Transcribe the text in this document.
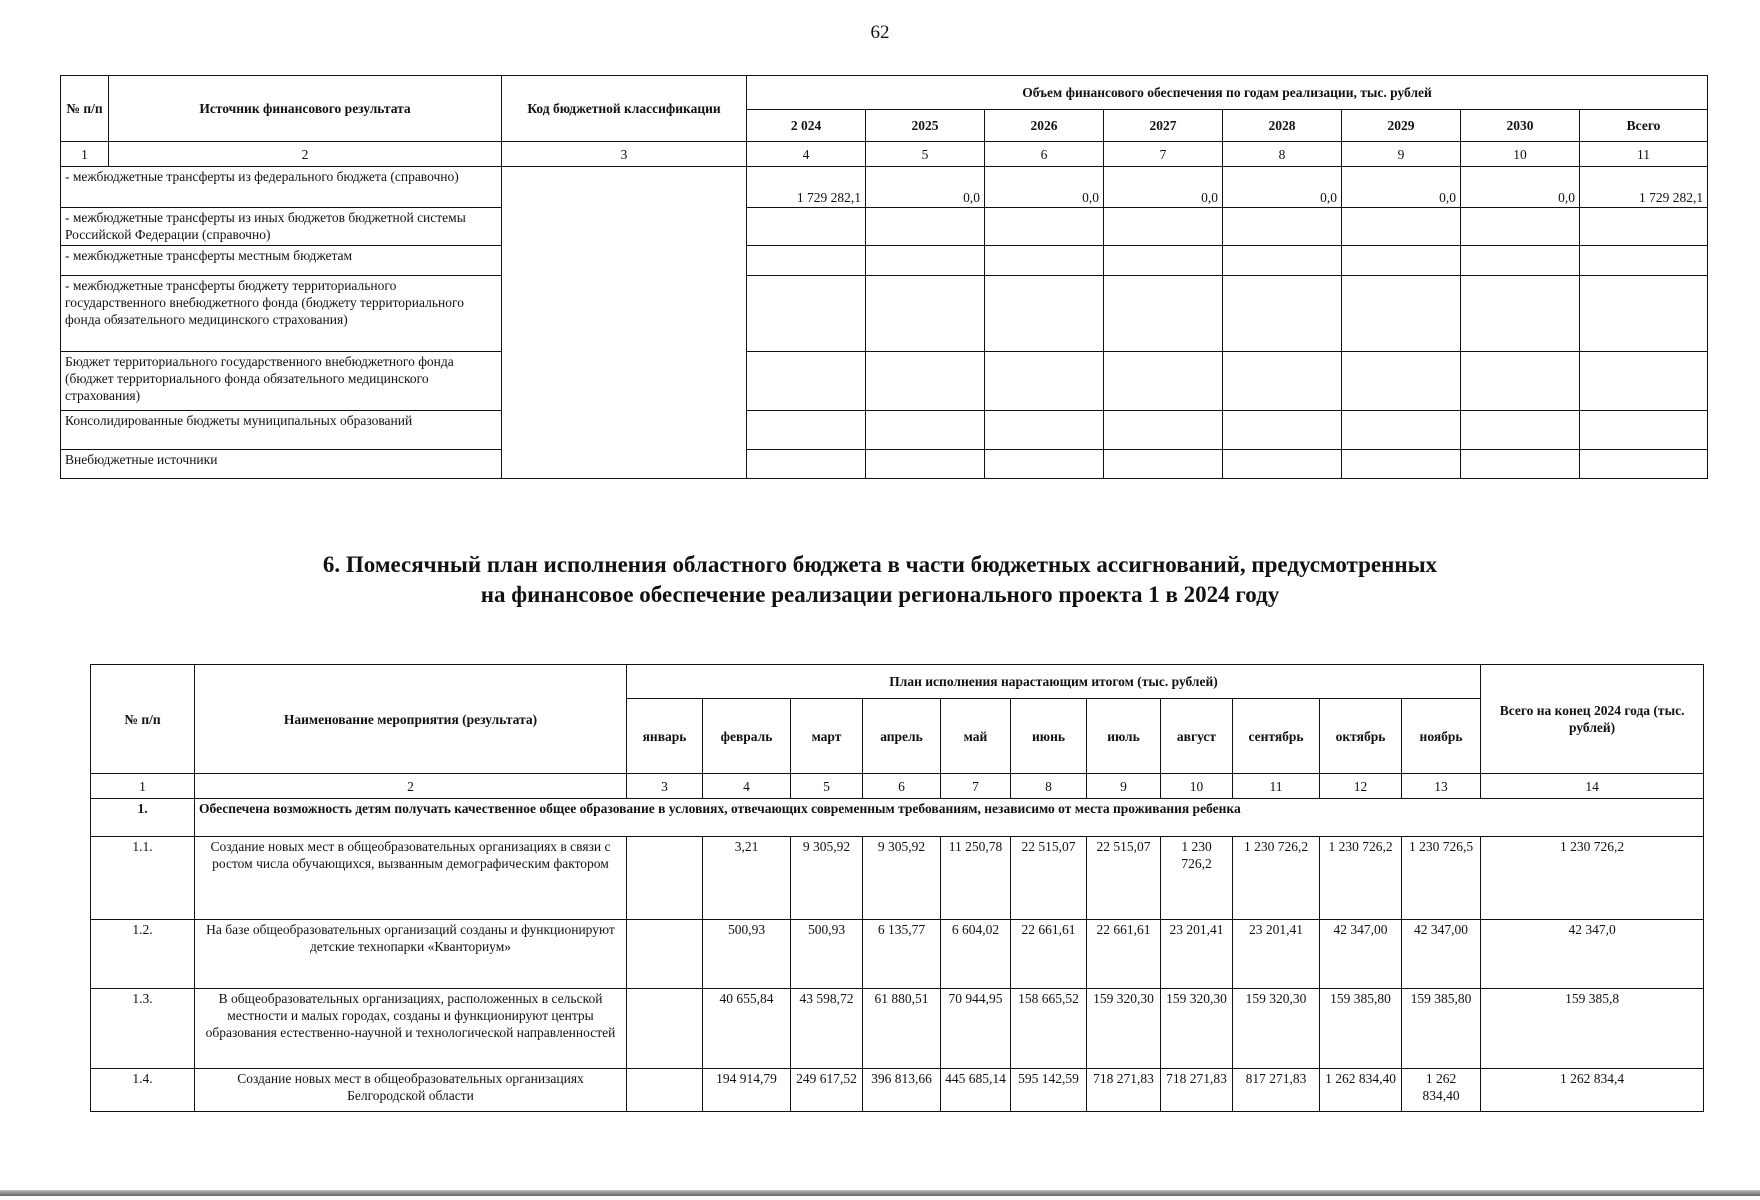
62
№ п/п	Источник финансового результата	Код бюджетной классификации	Объем финансового обеспечения по годам реализации, тыс. рублей							
			2 024	2025	2026	2027	2028	2029	2030	Всего
1	2	3	4	5	6	7	8	9	10	11
- межбюджетные трансферты из федерального бюджета (справочно)			1 729 282,1	0,0	0,0	0,0	0,0	0,0	0,0	1 729 282,1
- межбюджетные трансферты из иных бюджетов бюджетной системы Российской Федерации (справочно)										
- межбюджетные трансферты местным бюджетам										
- межбюджетные трансферты бюджету территориального государственного внебюджетного фонда (бюджету территориального фонда обязательного медицинского страхования)										
Бюджет территориального государственного внебюджетного фонда (бюджет территориального фонда обязательного медицинского страхования)										
Консолидированные бюджеты муниципальных образований										
Внебюджетные источники										
6. Помесячный план исполнения областного бюджета в части бюджетных ассигнований, предусмотренных
на финансовое обеспечение реализации регионального проекта 1 в 2024 году
№ п/п	Наименование мероприятия (результата)	План исполнения нарастающим итогом (тыс. рублей)											Всего на конец 2024 года (тыс. рублей)
		январь	февраль	март	апрель	май	июнь	июль	август	сентябрь	октябрь	ноябрь	
1	2	3	4	5	6	7	8	9	10	11	12	13	14
1.	Обеспечена возможность детям получать качественное общее образование в условиях, отвечающих современным требованиям, независимо от места проживания ребенка												
1.1.	Создание новых мест в общеобразовательных организациях в связи с ростом числа обучающихся, вызванным демографическим фактором		3,21	9 305,92	9 305,92	11 250,78	22 515,07	22 515,07	1 230 726,2	1 230 726,2	1 230 726,2	1 230 726,5	1 230 726,2
1.2.	На базе общеобразовательных организаций созданы и функционируют детские технопарки «Кванториум»		500,93	500,93	6 135,77	6 604,02	22 661,61	22 661,61	23 201,41	23 201,41	42 347,00	42 347,00	42 347,0
1.3.	В общеобразовательных организациях, расположенных в сельской местности и малых городах, созданы и функционируют центры образования естественно-научной и технологической направленностей		40 655,84	43 598,72	61 880,51	70 944,95	158 665,52	159 320,30	159 320,30	159 320,30	159 385,80	159 385,80	159 385,8
1.4.	Создание новых мест в общеобразовательных организациях Белгородской области		194 914,79	249 617,52	396 813,66	445 685,14	595 142,59	718 271,83	718 271,83	817 271,83	1 262 834,40	1 262 834,40	1 262 834,4
